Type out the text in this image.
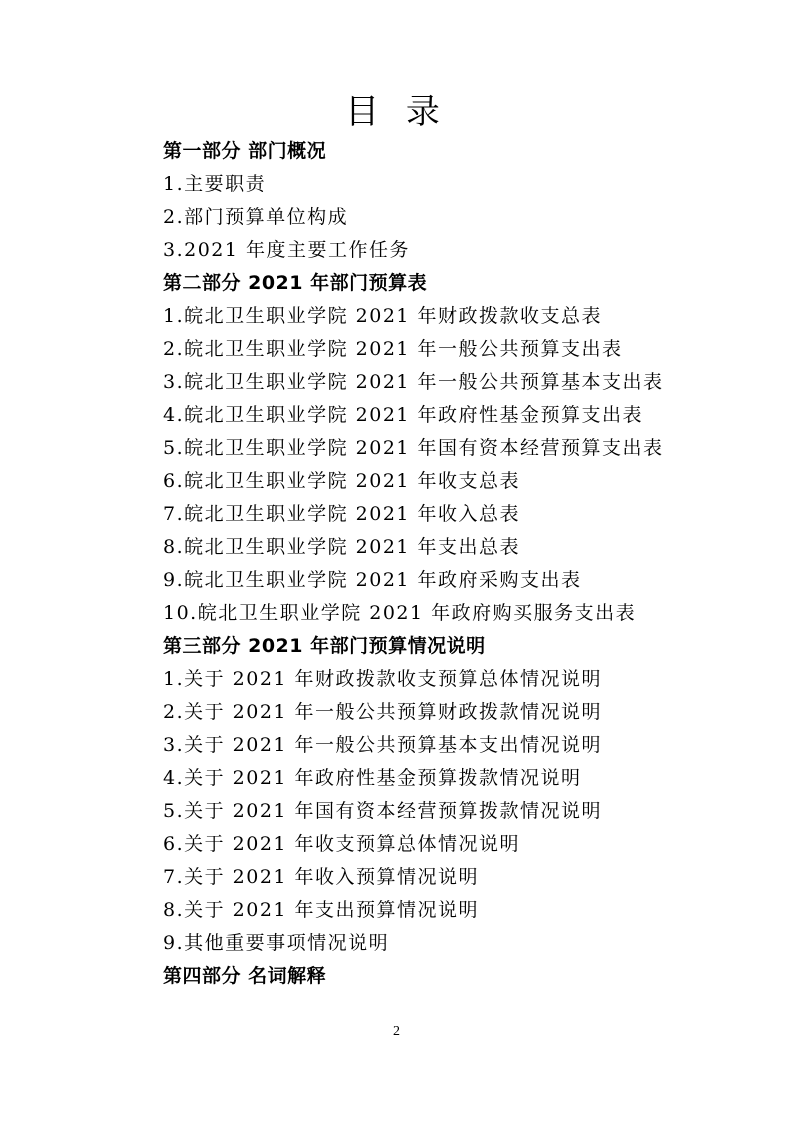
目 录
第一部分 部门概况
1.主要职责
2.部门预算单位构成
3.2021 年度主要工作任务
第二部分 2021 年部门预算表
1.皖北卫生职业学院 2021 年财政拨款收支总表
2.皖北卫生职业学院 2021 年一般公共预算支出表
3.皖北卫生职业学院 2021 年一般公共预算基本支出表
4.皖北卫生职业学院 2021 年政府性基金预算支出表
5.皖北卫生职业学院 2021 年国有资本经营预算支出表
6.皖北卫生职业学院 2021 年收支总表
7.皖北卫生职业学院 2021 年收入总表
8.皖北卫生职业学院 2021 年支出总表
9.皖北卫生职业学院 2021 年政府采购支出表
10.皖北卫生职业学院 2021 年政府购买服务支出表
第三部分 2021 年部门预算情况说明
1.关于 2021 年财政拨款收支预算总体情况说明
2.关于 2021 年一般公共预算财政拨款情况说明
3.关于 2021 年一般公共预算基本支出情况说明
4.关于 2021 年政府性基金预算拨款情况说明
5.关于 2021 年国有资本经营预算拨款情况说明
6.关于 2021 年收支预算总体情况说明
7.关于 2021 年收入预算情况说明
8.关于 2021 年支出预算情况说明
9.其他重要事项情况说明
第四部分 名词解释
2
